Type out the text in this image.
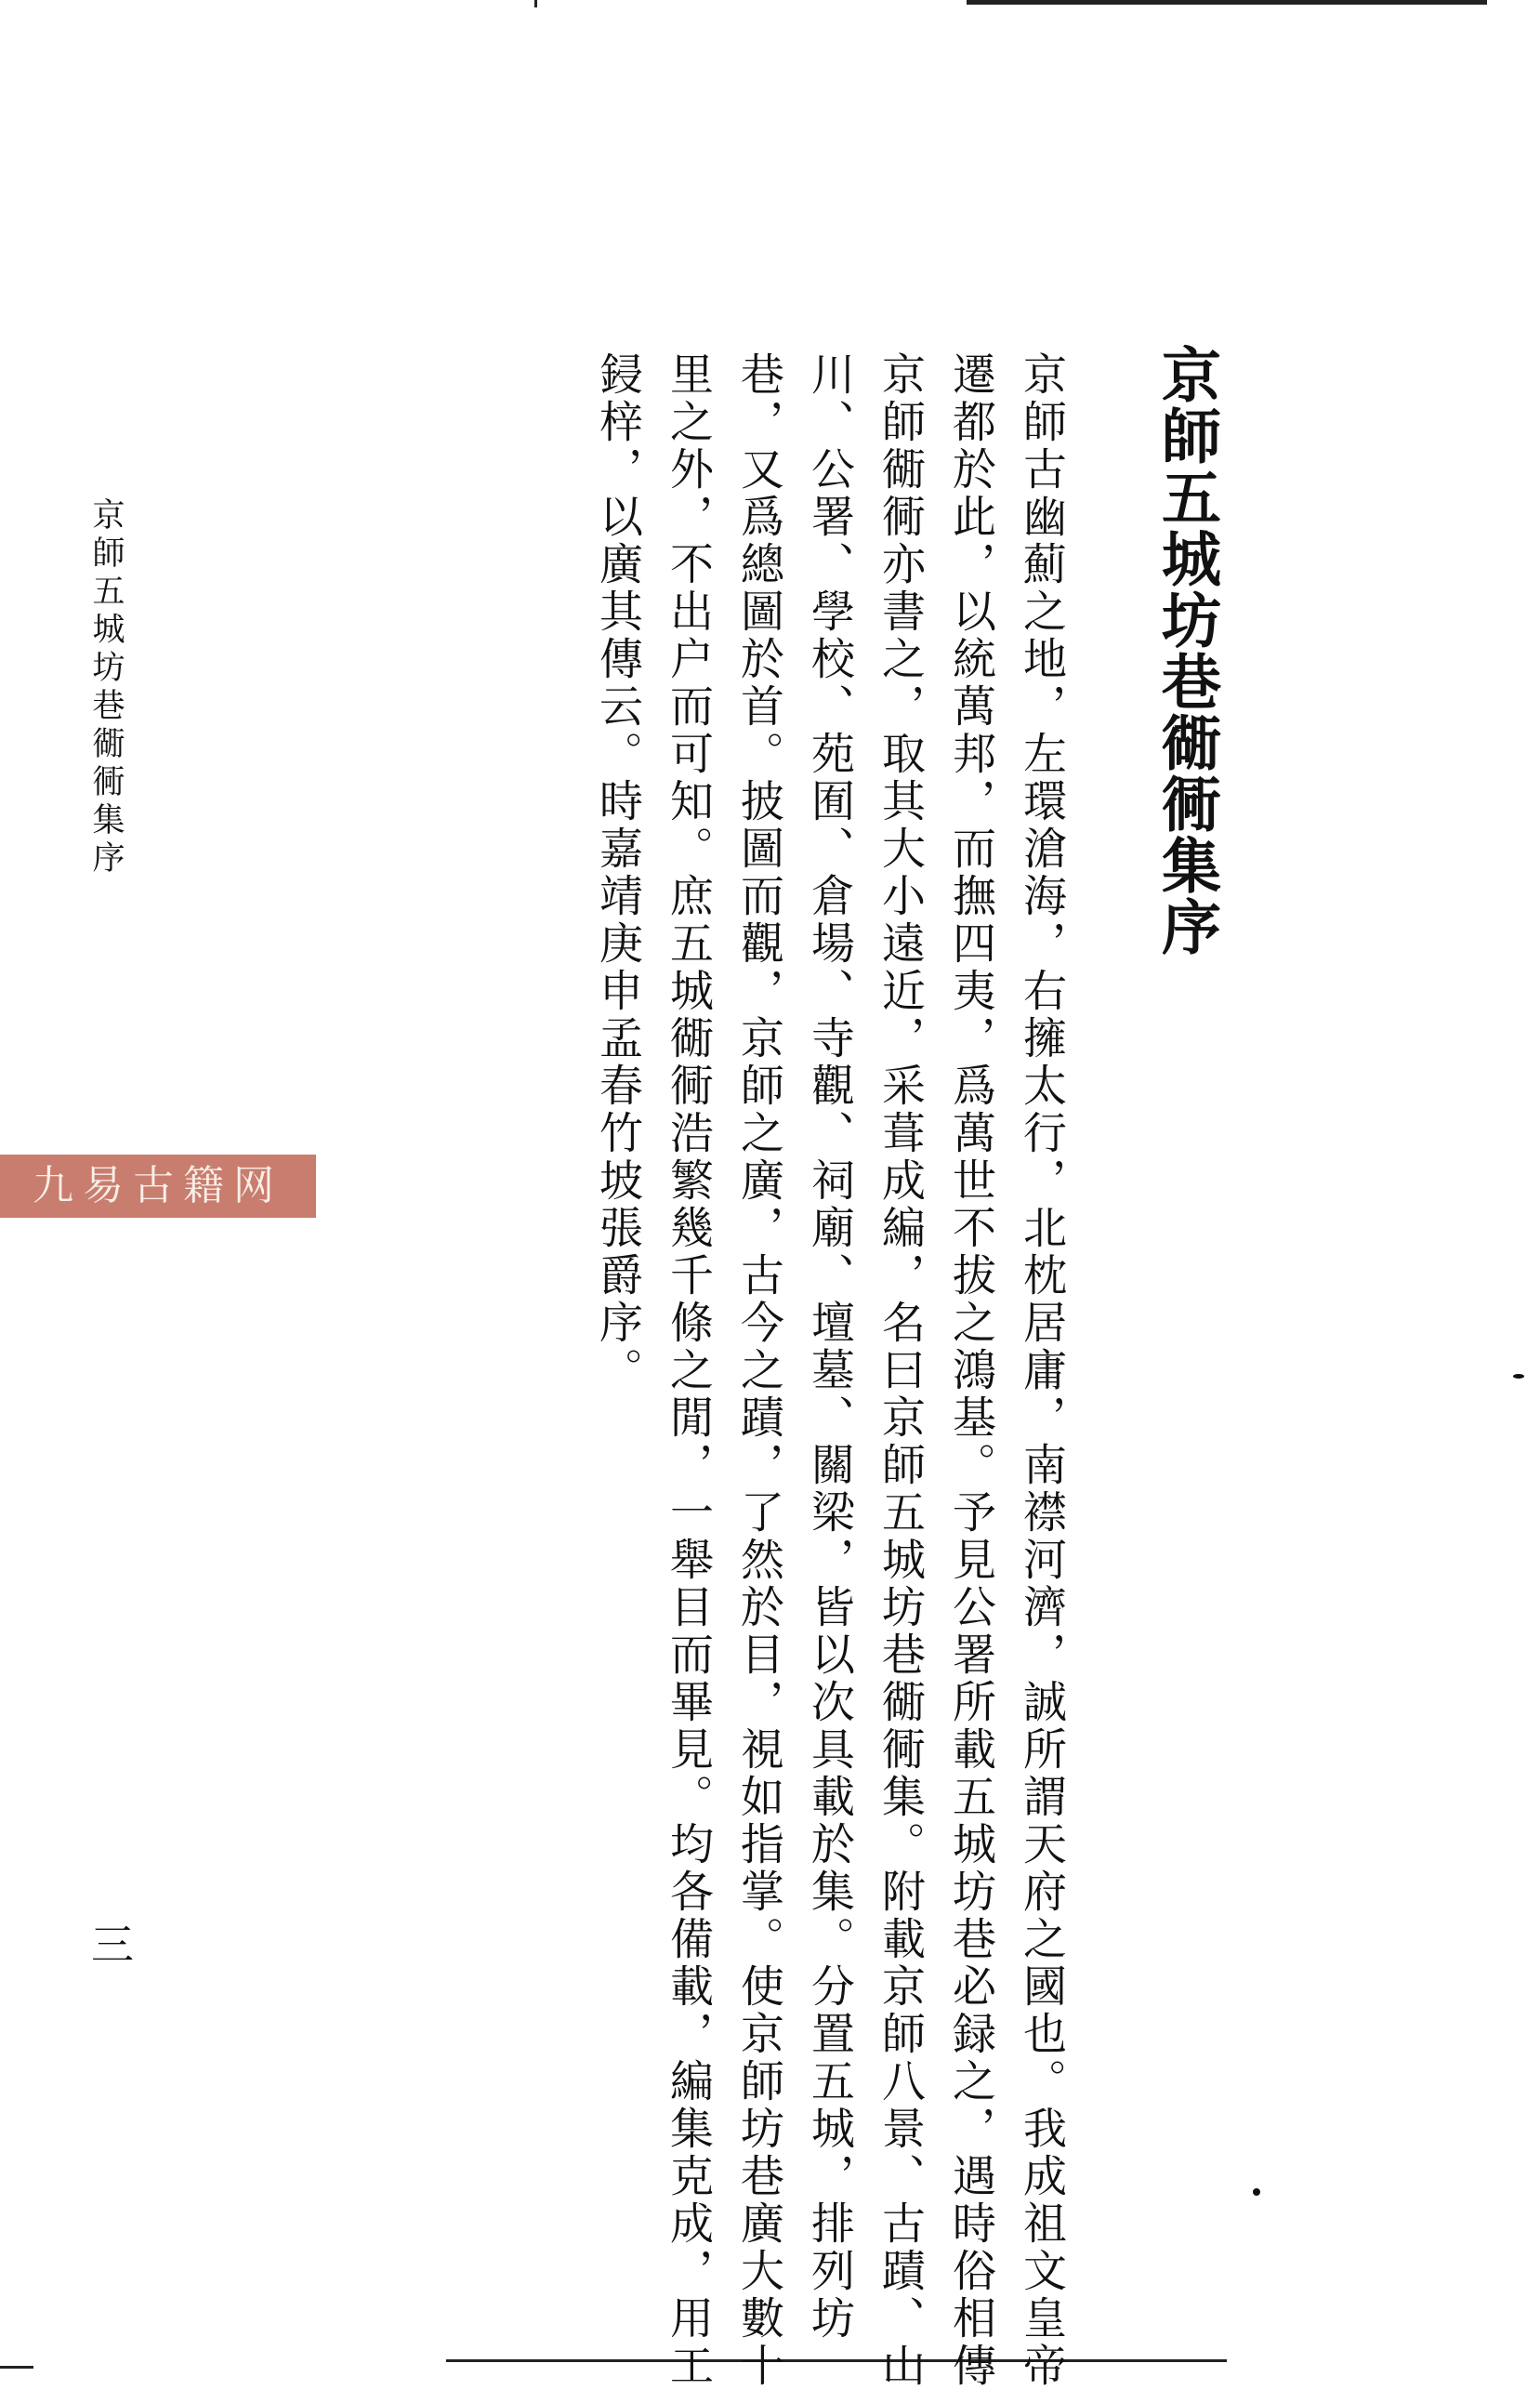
京師五城坊巷衚衕集序
京師古幽薊之地，左環滄海，右擁太行，北枕居庸，南襟河濟，誠所謂天府之國也。我成祖文皇帝
遷都於此，以統萬邦，而撫四夷，爲萬世不拔之鴻基。予見公署所載五城坊巷必録之，遇時俗相傳
京師衚衕亦書之，取其大小遠近，采葺成編，名曰京師五城坊巷衚衕集。附載京師八景、古蹟、山
川、公署、學校、苑囿、倉場、寺觀、祠廟、壇墓、關梁，皆以次具載於集。分置五城，排列坊
巷，又爲總圖於首。披圖而觀，京師之廣，古今之蹟，了然於目，視如指掌。使京師坊巷廣大數十
里之外，不出户而可知。庶五城衚衕浩繁幾千條之閒，一舉目而畢見。均各備載，編集克成，用工
鋟梓，以廣其傳云。時嘉靖庚申孟春竹坡張爵序。
京師五城坊巷衚衕集序
三
九易古籍网
